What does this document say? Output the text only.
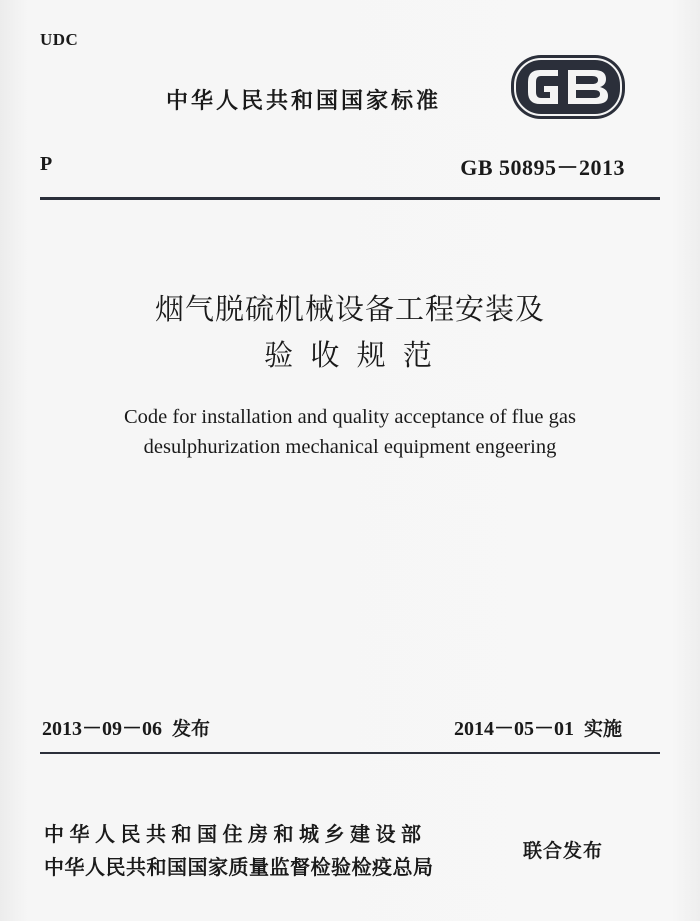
UDC
中华人民共和国国家标准
P	GB 50895－2013
烟气脱硫机械设备工程安装及
验 收 规 范
Code for installation and quality acceptance of flue gas
desulphurization mechanical equipment engeering
2013－09－06 发布	2014－05－01 实施
中华人民共和国住房和城乡建设部
中华人民共和国国家质量监督检验检疫总局
联合发布
